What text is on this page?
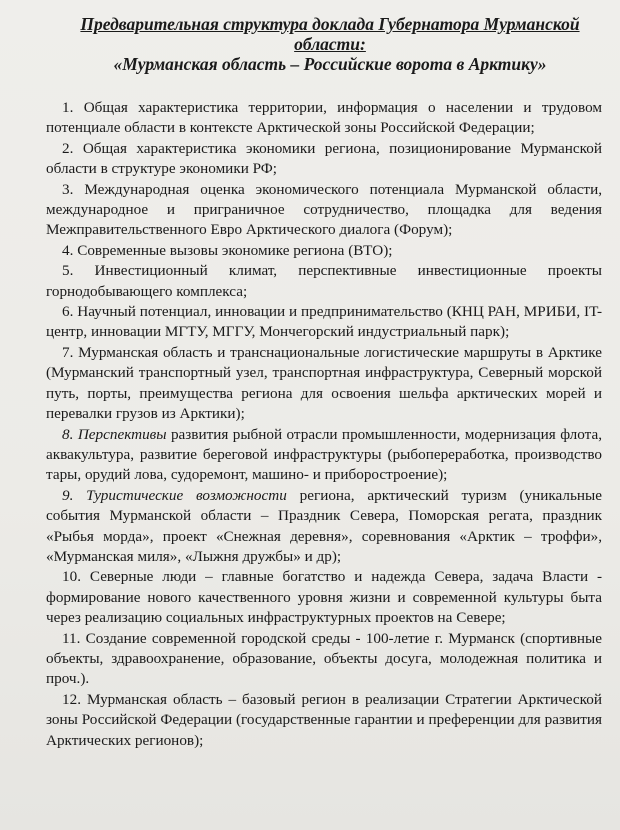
Предварительная структура доклада Губернатора Мурманской
области:
«Мурманская область – Российские ворота в Арктику»

1. Общая характеристика территории, информация о населении и трудовом потенциале области в контексте Арктической зоны Российской Федерации;

2. Общая характеристика экономики региона, позиционирование Мурманской области в структуре экономики РФ;

3. Международная оценка экономического потенциала Мурманской области, международное и приграничное сотрудничество, площадка для ведения Межправительственного Евро Арктического диалога (Форум);

4. Современные вызовы экономике региона (ВТО);

5. Инвестиционный климат, перспективные инвестиционные проекты горнодобывающего комплекса;

6. Научный потенциал, инновации и предпринимательство (КНЦ РАН, МРИБИ, IT-центр, инновации МГТУ, МГГУ, Мончегорский индустриальный парк);

7. Мурманская область и транснациональные логистические маршруты в Арктике (Мурманский транспортный узел, транспортная инфраструктура, Северный морской путь, порты, преимущества региона для освоения шельфа арктических морей и перевалки грузов из Арктики);

8. Перспективы развития рыбной отрасли промышленности, модернизация флота, аквакультура, развитие береговой инфраструктуры (рыбопереработка, производство тары, орудий лова, судоремонт, машино- и приборостроение);

9. Туристические возможности региона, арктический туризм (уникальные события Мурманской области – Праздник Севера, Поморская регата, праздник «Рыбья морда», проект «Снежная деревня», соревнования «Арктик – троффи», «Мурманская миля», «Лыжня дружбы» и др);

10. Северные люди – главные богатство и надежда Севера, задача Власти - формирование нового качественного уровня жизни и современной культуры быта через реализацию социальных инфраструктурных проектов на Севере;

11. Создание современной городской среды - 100-летие г. Мурманск (спортивные объекты, здравоохранение, образование, объекты досуга, молодежная политика и проч.).

12. Мурманская область – базовый регион в реализации Стратегии Арктической зоны Российской Федерации (государственные гарантии и преференции для развития Арктических регионов);
